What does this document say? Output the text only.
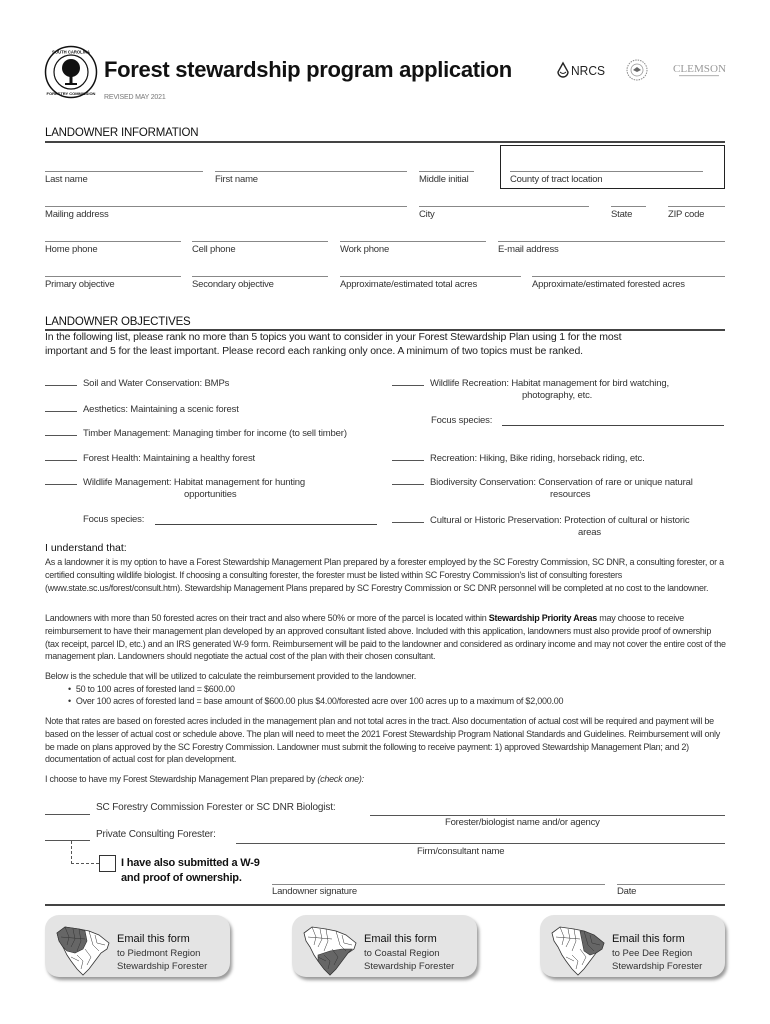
SOUTH CAROLINA
FORESTRY COMMISSION
Forest stewardship program application
REVISED MAY 2021
NRCS	CLEMSON
LANDOWNER INFORMATION
Last name	First name	Middle initial	County of tract location
Mailing address	City	State	ZIP code
Home phone	Cell phone	Work phone	E-mail address
Primary objective	Secondary objective	Approximate/estimated total acres	Approximate/estimated forested acres
LANDOWNER OBJECTIVES
In the following list, please rank no more than 5 topics you want to consider in your Forest Stewardship Plan using 1 for the most
important and 5 for the least important. Please record each ranking only once. A minimum of two topics must be ranked.
Soil and Water Conservation: BMPs
Aesthetics: Maintaining a scenic forest
Timber Management: Managing timber for income (to sell timber)
Forest Health: Maintaining a healthy forest
Wildlife Management: Habitat management for hunting
opportunities
Focus species:
Wildlife Recreation: Habitat management for bird watching,
photography, etc.
Focus species:
Recreation: Hiking, Bike riding, horseback riding, etc.
Biodiversity Conservation: Conservation of rare or unique natural
resources
Cultural or Historic Preservation: Protection of cultural or historic
areas
I understand that:
As a landowner it is my option to have a Forest Stewardship Management Plan prepared by a forester employed by the SC Forestry Commission, SC DNR, a consulting forester, or a certified consulting wildlife biologist. If choosing a consulting forester, the forester must be listed within SC Forestry Commission's list of consulting foresters (www.state.sc.us/forest/consult.htm). Stewardship Management Plans prepared by SC Forestry Commission or SC DNR personnel will be completed at no cost to the landowner.
Landowners with more than 50 forested acres on their tract and also where 50% or more of the parcel is located within Stewardship Priority Areas may choose to receive reimbursement to have their management plan developed by an approved consultant listed above. Included with this application, landowners must also provide proof of ownership (tax receipt, parcel ID, etc.) and an IRS generated W-9 form. Reimbursement will be paid to the landowner and considered as ordinary income and may not cover the entire cost of the management plan. Landowners should negotiate the actual cost of the plan with their chosen consultant.
Below is the schedule that will be utilized to calculate the reimbursement provided to the landowner.
• 50 to 100 acres of forested land = $600.00
• Over 100 acres of forested land = base amount of $600.00 plus $4.00/forested acre over 100 acres up to a maximum of $2,000.00
Note that rates are based on forested acres included in the management plan and not total acres in the tract. Also documentation of actual cost will be required and payment will be based on the lesser of actual cost or schedule above. The plan will need to meet the 2021 Forest Stewardship Program National Standards and Guidelines. Reimbursement will only be made on plans approved by the SC Forestry Commission. Landowner must submit the following to receive payment: 1) approved Stewardship Management Plan; and 2) documentation of actual cost for plan development.
I choose to have my Forest Stewardship Management Plan prepared by (check one):
SC Forestry Commission Forester or SC DNR Biologist:
Forester/biologist name and/or agency
Private Consulting Forester:
Firm/consultant name
I have also submitted a W-9
and proof of ownership.
Landowner signature	Date
Email this form
to Piedmont Region
Stewardship Forester
Email this form
to Coastal Region
Stewardship Forester
Email this form
to Pee Dee Region
Stewardship Forester
